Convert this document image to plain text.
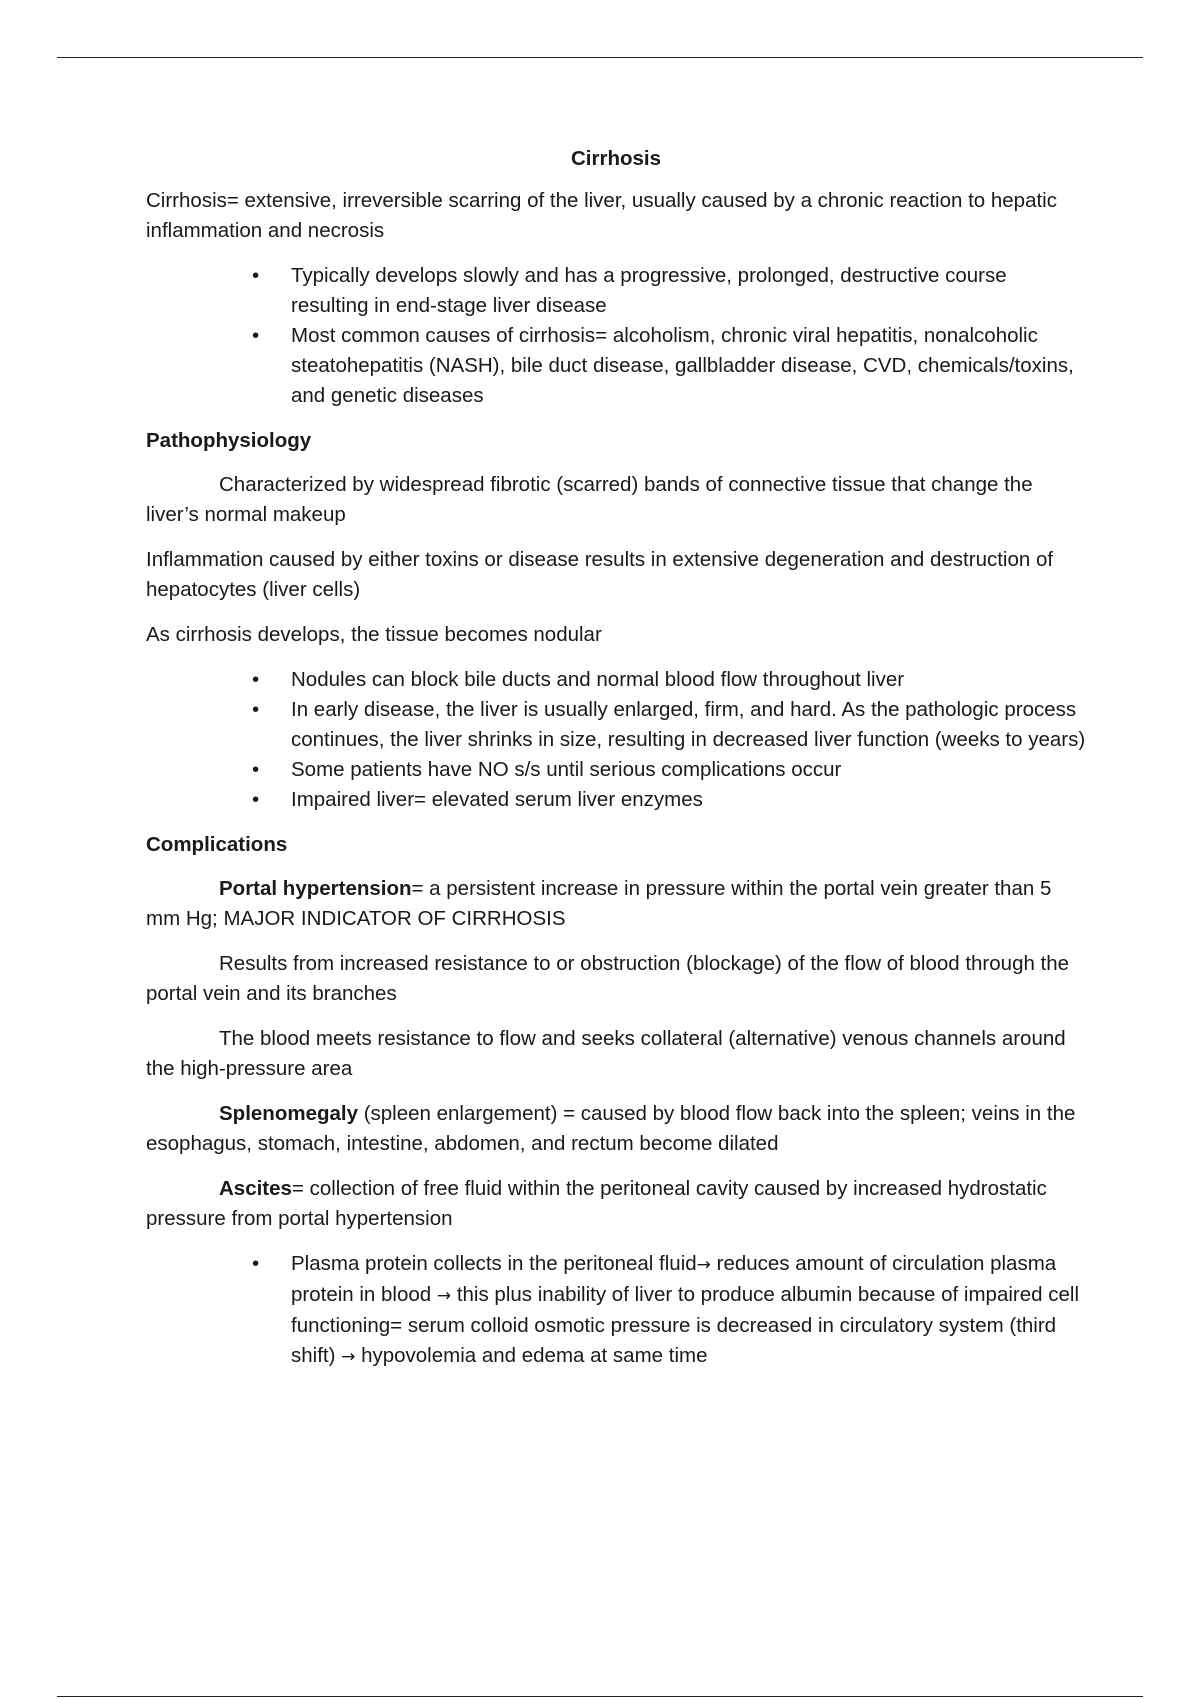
Cirrhosis

Cirrhosis= extensive, irreversible scarring of the liver, usually caused by a chronic reaction to hepatic inflammation and necrosis

• Typically develops slowly and has a progressive, prolonged, destructive course resulting in end-stage liver disease
• Most common causes of cirrhosis= alcoholism, chronic viral hepatitis, nonalcoholic steatohepatitis (NASH), bile duct disease, gallbladder disease, CVD, chemicals/toxins, and genetic diseases
Pathophysiology

Characterized by widespread fibrotic (scarred) bands of connective tissue that change the liver’s normal makeup

Inflammation caused by either toxins or disease results in extensive degeneration and destruction of hepatocytes (liver cells)

As cirrhosis develops, the tissue becomes nodular

• Nodules can block bile ducts and normal blood flow throughout liver
• In early disease, the liver is usually enlarged, firm, and hard. As the pathologic process continues, the liver shrinks in size, resulting in decreased liver function (weeks to years)
• Some patients have NO s/s until serious complications occur
• Impaired liver= elevated serum liver enzymes
Complications

Portal hypertension= a persistent increase in pressure within the portal vein greater than 5 mm Hg; MAJOR INDICATOR OF CIRRHOSIS

Results from increased resistance to or obstruction (blockage) of the flow of blood through the portal vein and its branches

The blood meets resistance to flow and seeks collateral (alternative) venous channels around the high-pressure area

Splenomegaly (spleen enlargement) = caused by blood flow back into the spleen; veins in the esophagus, stomach, intestine, abdomen, and rectum become dilated

Ascites= collection of free fluid within the peritoneal cavity caused by increased hydrostatic pressure from portal hypertension

• Plasma protein collects in the peritoneal fluid→ reduces amount of circulation plasma protein in blood → this plus inability of liver to produce albumin because of impaired cell functioning= serum colloid osmotic pressure is decreased in circulatory system (third shift) → hypovolemia and edema at same time
